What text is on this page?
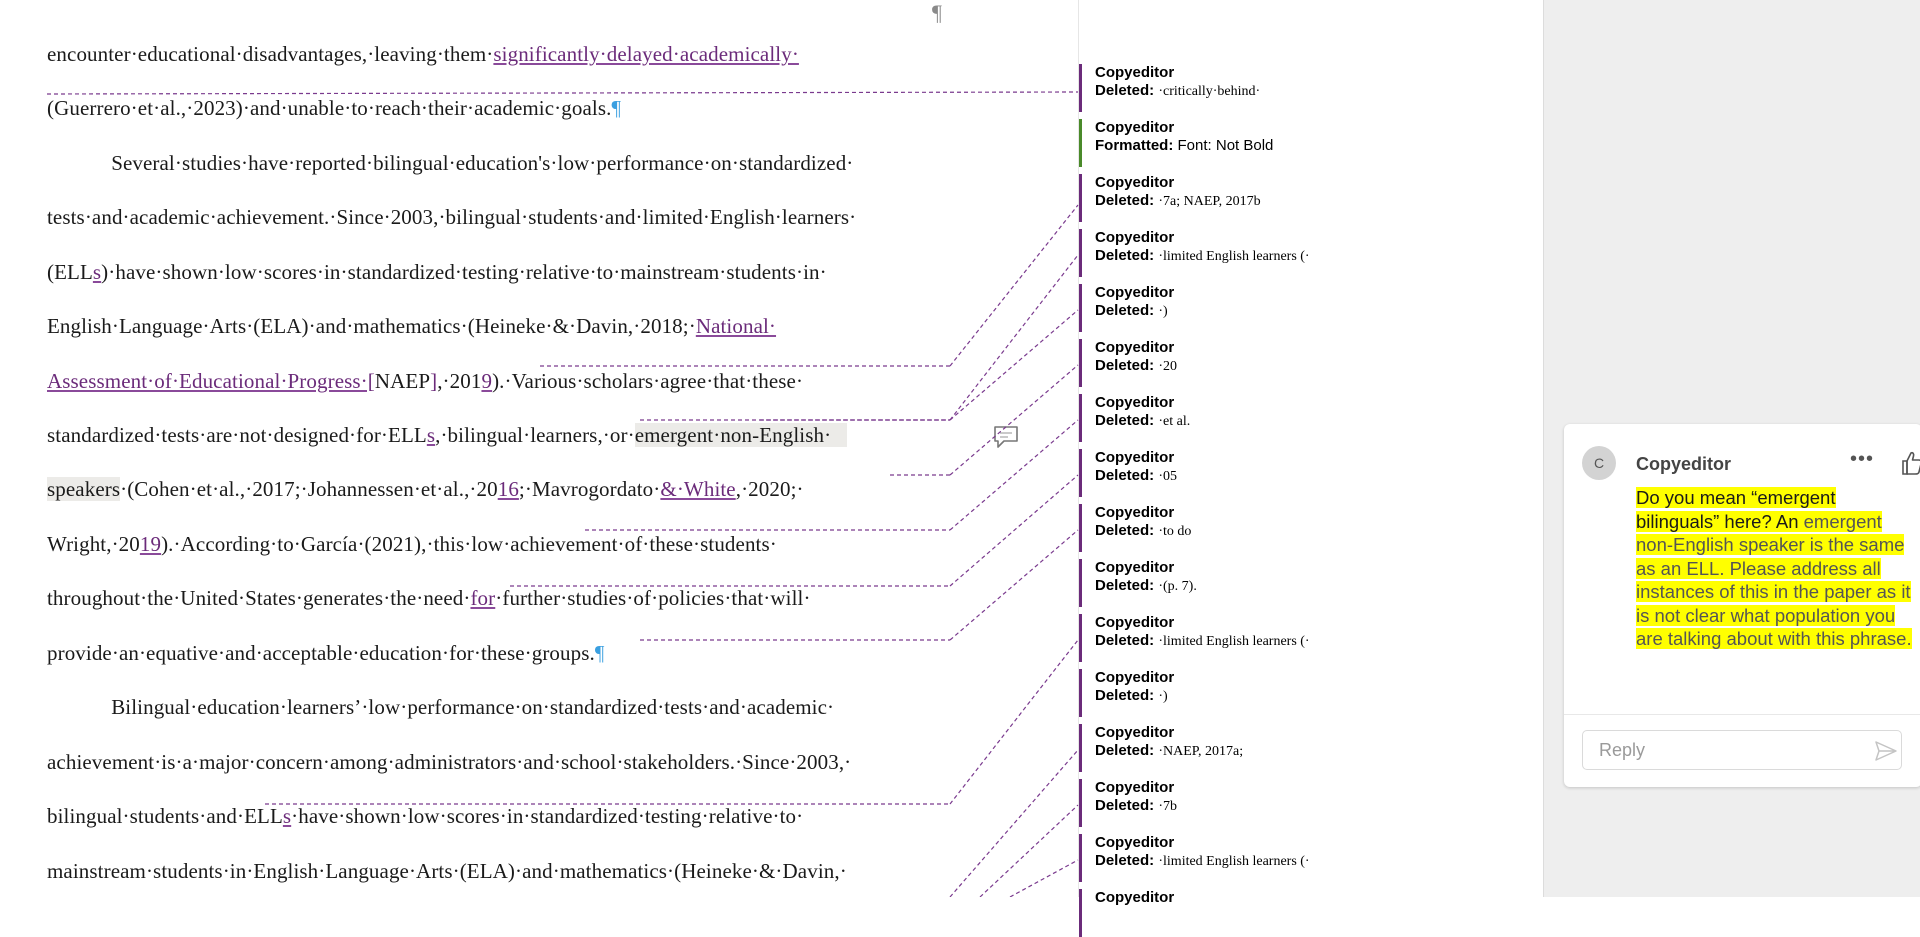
¶
encounter·educational·disadvantages,·leaving·them·significantly·delayed·academically·
(Guerrero·et·al.,·2023)·and·unable·to·reach·their·academic·goals.¶
Several·studies·have·reported·bilingual·education's·low·performance·on·standardized·
tests·and·academic·achievement.·Since·2003,·bilingual·students·and·limited·English·learners·
(ELLs)·have·shown·low·scores·in·standardized·testing·relative·to·mainstream·students·in·
English·Language·Arts·(ELA)·and·mathematics·(Heineke·&·Davin,·2018;·National·
Assessment·of·Educational·Progress·[NAEP],·2019).·Various·scholars·agree·that·these·
standardized·tests·are·not·designed·for·ELLs,·bilingual·learners,·or·emergent·non-English·
speakers·(Cohen·et·al.,·2017;·Johannessen·et·al.,·2016;·Mavrogordato·&·White,·2020;·
Wright,·2019).·According·to·García·(2021),·this·low·achievement·of·these·students·
throughout·the·United·States·generates·the·need·for·further·studies·of·policies·that·will·
provide·an·equative·and·acceptable·education·for·these·groups.¶
Bilingual·education·learners’·low·performance·on·standardized·tests·and·academic·
achievement·is·a·major·concern·among·administrators·and·school·stakeholders.·Since·2003,·
bilingual·students·and·ELLs·have·shown·low·scores·in·standardized·testing·relative·to·
mainstream·students·in·English·Language·Arts·(ELA)·and·mathematics·(Heineke·&·Davin,·
Copyeditor
Deleted: ·critically·behind·
Copyeditor
Formatted: Font: Not Bold
Copyeditor
Deleted: ·7a; NAEP, 2017b
Copyeditor
Deleted: ·limited English learners (·
Copyeditor
Deleted: ·)
Copyeditor
Deleted: ·20
Copyeditor
Deleted: ·et al.
Copyeditor
Deleted: ·05
Copyeditor
Deleted: ·to do
Copyeditor
Deleted: ·(p. 7).
Copyeditor
Deleted: ·limited English learners (·
Copyeditor
Deleted: ·)
Copyeditor
Deleted: ·NAEP, 2017a;
Copyeditor
Deleted: ·7b
Copyeditor
Deleted: ·limited English learners (·
Copyeditor
C	Copyeditor	•••
Do you mean “emergent bilinguals” here? An emergent non-English speaker is the same as an ELL. Please address all instances of this in the paper as it is not clear what population you are talking about with this phrase.
Reply
